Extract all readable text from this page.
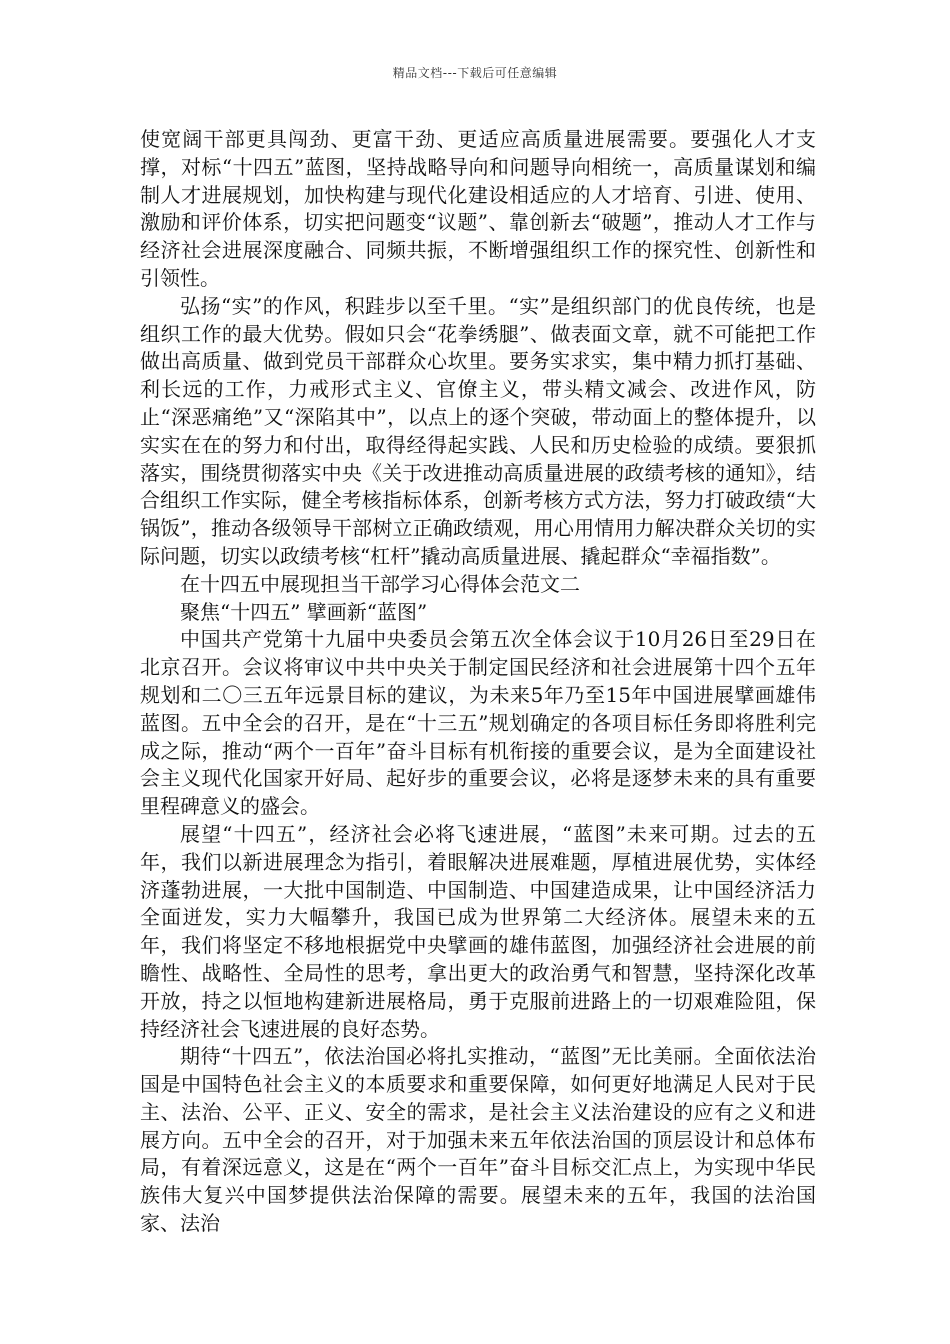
精品文档---下载后可任意编辑

使宽阔干部更具闯劲、更富干劲、更适应高质量进展需要。要强化人才支撑，对标“十四五”蓝图，坚持战略导向和问题导向相统一，高质量谋划和编制人才进展规划，加快构建与现代化建设相适应的人才培育、引进、使用、激励和评价体系，切实把问题变“议题”、靠创新去“破题”，推动人才工作与经济社会进展深度融合、同频共振，不断增强组织工作的探究性、创新性和引领性。

弘扬“实”的作风，积跬步以至千里。“实”是组织部门的优良传统，也是组织工作的最大优势。假如只会“花拳绣腿”、做表面文章，就不可能把工作做出高质量、做到党员干部群众心坎里。要务实求实，集中精力抓打基础、利长远的工作，力戒形式主义、官僚主义，带头精文减会、改进作风，防止“深恶痛绝”又“深陷其中”，以点上的逐个突破，带动面上的整体提升，以实实在在的努力和付出，取得经得起实践、人民和历史检验的成绩。要狠抓落实，围绕贯彻落实中央《关于改进推动高质量进展的政绩考核的通知》，结合组织工作实际，健全考核指标体系，创新考核方式方法，努力打破政绩“大锅饭”，推动各级领导干部树立正确政绩观，用心用情用力解决群众关切的实际问题，切实以政绩考核“杠杆”撬动高质量进展、撬起群众“幸福指数”。

在十四五中展现担当干部学习心得体会范文二

聚焦“十四五” 擘画新“蓝图”

中国共产党第十九届中央委员会第五次全体会议于10月26日至29日在北京召开。会议将审议中共中央关于制定国民经济和社会进展第十四个五年规划和二〇三五年远景目标的建议，为未来5年乃至15年中国进展擘画雄伟蓝图。五中全会的召开，是在“十三五”规划确定的各项目标任务即将胜利完成之际，推动“两个一百年”奋斗目标有机衔接的重要会议，是为全面建设社会主义现代化国家开好局、起好步的重要会议，必将是逐梦未来的具有重要里程碑意义的盛会。

展望“十四五”，经济社会必将飞速进展，“蓝图”未来可期。过去的五年，我们以新进展理念为指引，着眼解决进展难题，厚植进展优势，实体经济蓬勃进展，一大批中国制造、中国制造、中国建造成果，让中国经济活力全面迸发，实力大幅攀升，我国已成为世界第二大经济体。展望未来的五年，我们将坚定不移地根据党中央擘画的雄伟蓝图，加强经济社会进展的前瞻性、战略性、全局性的思考，拿出更大的政治勇气和智慧，坚持深化改革开放，持之以恒地构建新进展格局，勇于克服前进路上的一切艰难险阻，保持经济社会飞速进展的良好态势。

期待“十四五”，依法治国必将扎实推动，“蓝图”无比美丽。全面依法治国是中国特色社会主义的本质要求和重要保障，如何更好地满足人民对于民主、法治、公平、正义、安全的需求，是社会主义法治建设的应有之义和进展方向。五中全会的召开，对于加强未来五年依法治国的顶层设计和总体布局，有着深远意义，这是在“两个一百年”奋斗目标交汇点上，为实现中华民族伟大复兴中国梦提供法治保障的需要。展望未来的五年，我国的法治国家、法治
